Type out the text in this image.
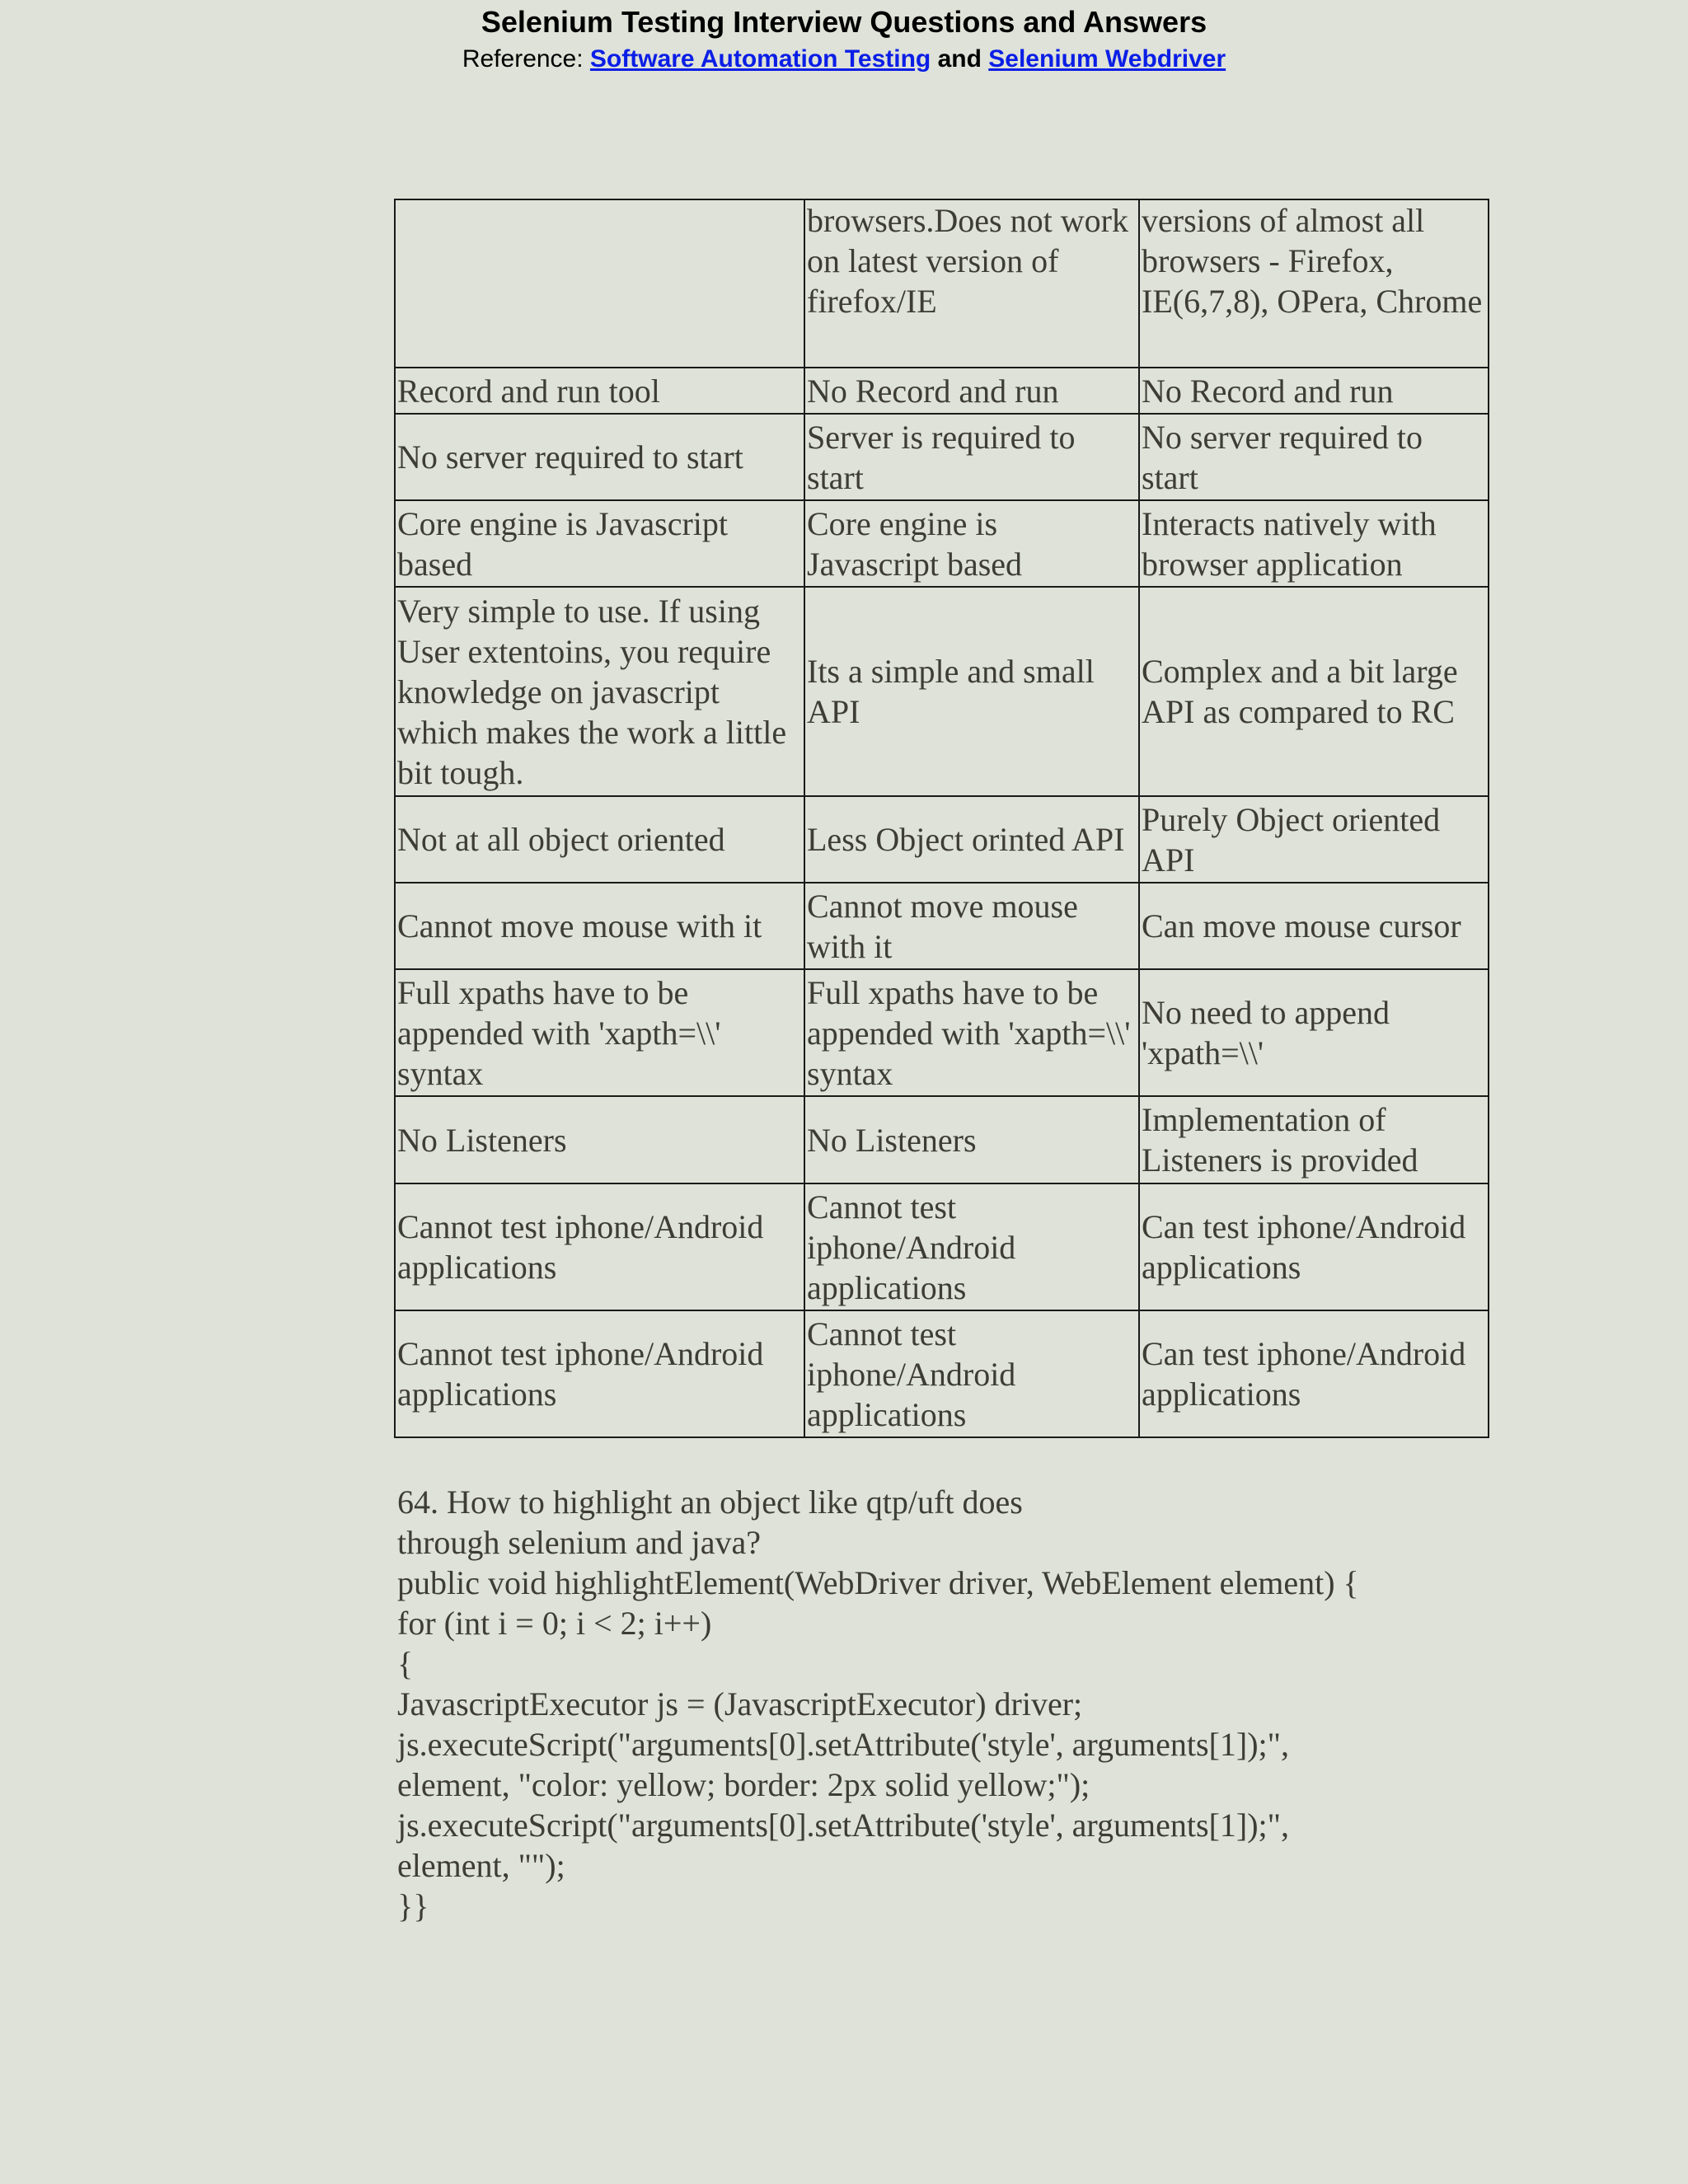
Selenium Testing Interview Questions and Answers
Reference: Software Automation Testing and Selenium Webdriver
	browsers.Does not work on latest version of firefox/IE	versions of almost all browsers - Firefox, IE(6,7,8), OPera, Chrome
Record and run tool	No Record and run	No Record and run
No server required to start	Server is required to start	No server required to start
Core engine is Javascript based	Core engine is Javascript based	Interacts natively with browser application
Very simple to use. If using User extentoins, you require knowledge on javascript which makes the work a little bit tough.	Its a simple and small API	Complex and a bit large API as compared to RC
Not at all object oriented	Less Object orinted API	Purely Object oriented API
Cannot move mouse with it	Cannot move mouse with it	Can move mouse cursor
Full xpaths have to be appended with 'xapth=\\' syntax	Full xpaths have to be appended with 'xapth=\\' syntax	No need to append 'xpath=\\'
No Listeners	No Listeners	Implementation of Listeners is provided
Cannot test iphone/Android applications	Cannot test iphone/Android applications	Can test iphone/Android applications
Cannot test iphone/Android applications	Cannot test iphone/Android applications	Can test iphone/Android applications
64. How to highlight an object like qtp/uft does
through selenium and java?
public void highlightElement(WebDriver driver, WebElement element) {
for (int i = 0; i < 2; i++)
{
JavascriptExecutor js = (JavascriptExecutor) driver;
js.executeScript("arguments[0].setAttribute('style', arguments[1]);",
element, "color: yellow; border: 2px solid yellow;");
js.executeScript("arguments[0].setAttribute('style', arguments[1]);",
element, "");
}}
